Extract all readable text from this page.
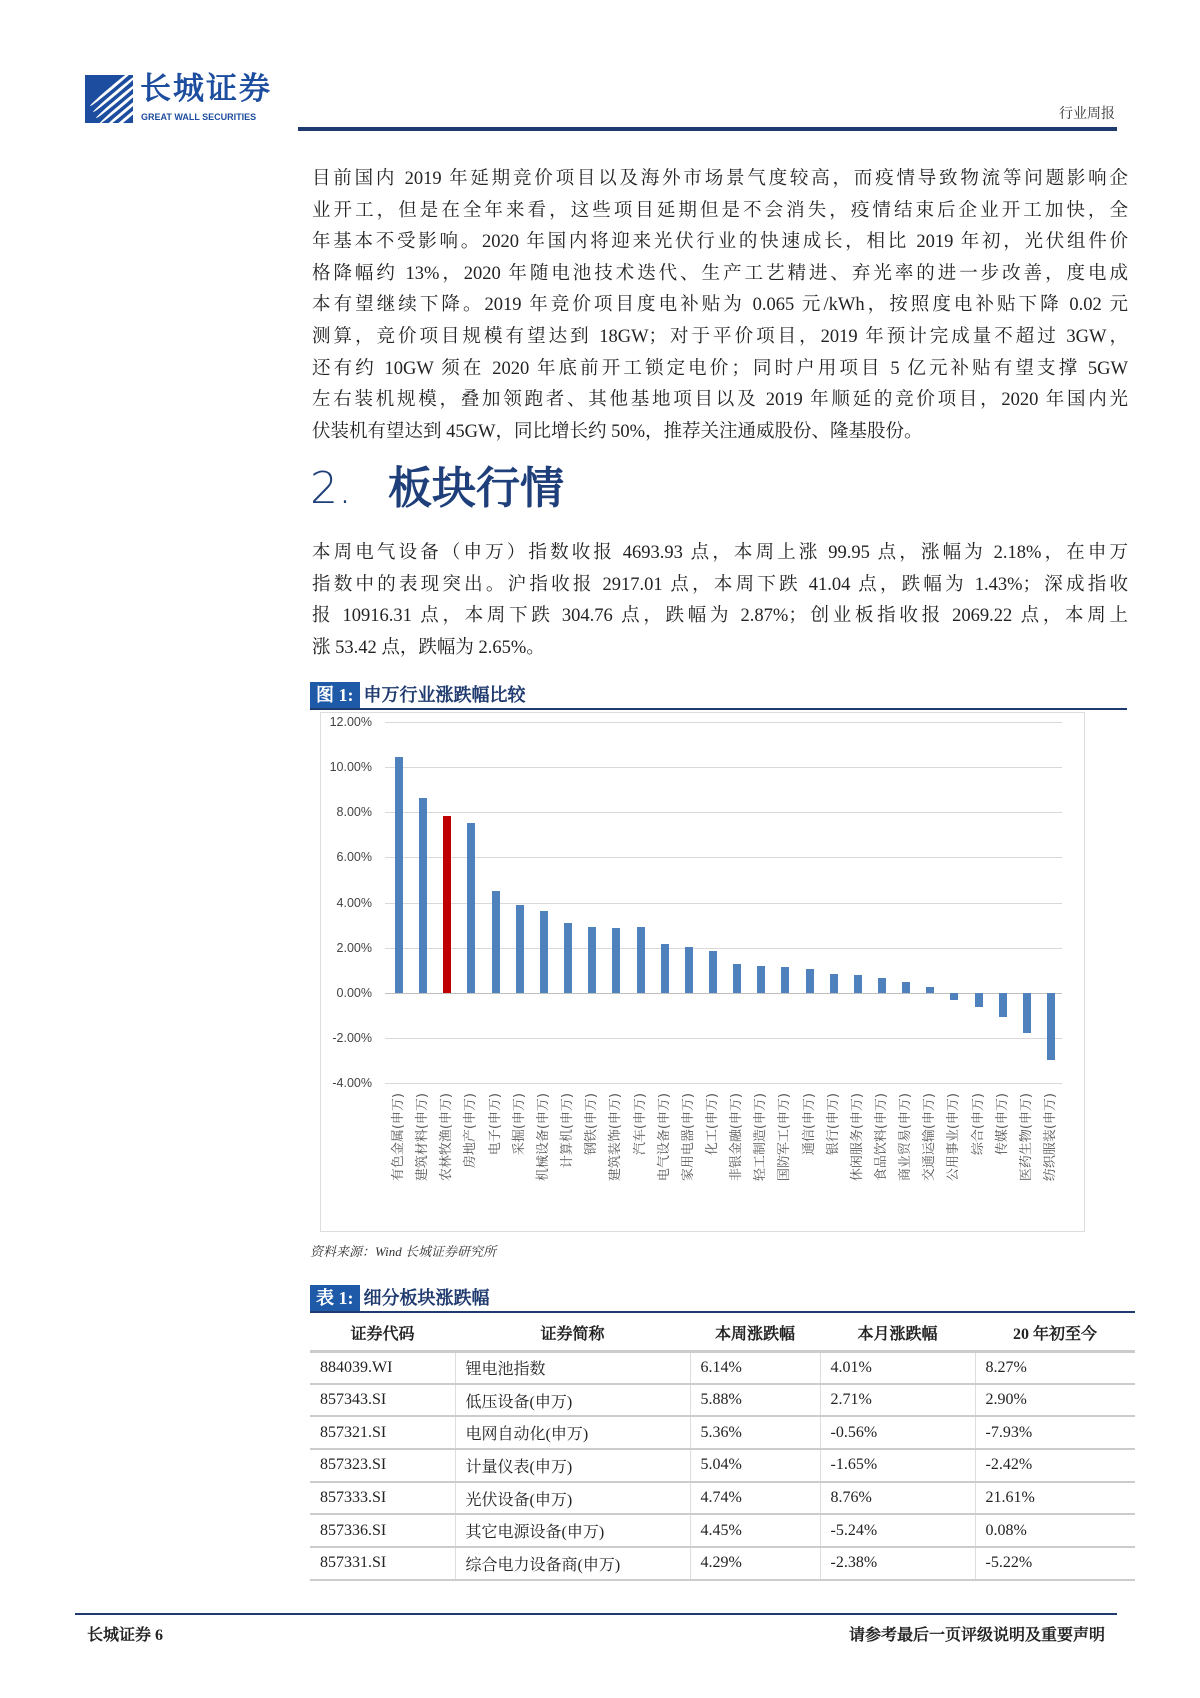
长城证券
GREAT WALL SECURITIES	行业周报
目前国内 2019 年延期竞价项目以及海外市场景气度较高，而疫情导致物流等问题影响企
业开工，但是在全年来看，这些项目延期但是不会消失，疫情结束后企业开工加快，全
年基本不受影响。2020 年国内将迎来光伏行业的快速成长，相比 2019 年初，光伏组件价
格降幅约 13%，2020 年随电池技术迭代、生产工艺精进、弃光率的进一步改善，度电成
本有望继续下降。2019 年竞价项目度电补贴为 0.065 元/kWh，按照度电补贴下降 0.02 元
测算，竞价项目规模有望达到 18GW；对于平价项目，2019 年预计完成量不超过 3GW，
还有约 10GW 须在 2020 年底前开工锁定电价；同时户用项目 5 亿元补贴有望支撑 5GW
左右装机规模，叠加领跑者、其他基地项目以及 2019 年顺延的竞价项目，2020 年国内光
伏装机有望达到 45GW，同比增长约 50%，推荐关注通威股份、隆基股份。
2. 板块行情
本周电气设备（申万）指数收报 4693.93 点，本周上涨 99.95 点，涨幅为 2.18%，在申万
指数中的表现突出。沪指收报 2917.01 点，本周下跌 41.04 点，跌幅为 1.43%；深成指收
报 10916.31 点，本周下跌 304.76 点，跌幅为 2.87%；创业板指收报 2069.22 点，本周上
涨 53.42 点，跌幅为 2.65%。
图 1: 申万行业涨跌幅比较
12.00%
10.00%
8.00%
6.00%
4.00%
2.00%
0.00%
-2.00%
-4.00%
有色金属(申万) 建筑材料(申万) 农林牧渔(申万) 房地产(申万) 电子(申万) 采掘(申万) 机械设备(申万) 计算机(申万) 钢铁(申万) 建筑装饰(申万) 汽车(申万) 电气设备(申万) 家用电器(申万) 化工(申万) 非银金融(申万) 轻工制造(申万) 国防军工(申万) 通信(申万) 银行(申万) 休闲服务(申万) 食品饮料(申万) 商业贸易(申万) 交通运输(申万) 公用事业(申万) 综合(申万) 传媒(申万) 医药生物(申万) 纺织服装(申万)
资料来源：Wind 长城证券研究所
表 1: 细分板块涨跌幅
证券代码	证券简称	本周涨跌幅	本月涨跌幅	20 年初至今
884039.WI	锂电池指数	6.14%	4.01%	8.27%
857343.SI	低压设备(申万)	5.88%	2.71%	2.90%
857321.SI	电网自动化(申万)	5.36%	-0.56%	-7.93%
857323.SI	计量仪表(申万)	5.04%	-1.65%	-2.42%
857333.SI	光伏设备(申万)	4.74%	8.76%	21.61%
857336.SI	其它电源设备(申万)	4.45%	-5.24%	0.08%
857331.SI	综合电力设备商(申万)	4.29%	-2.38%	-5.22%
长城证券 6	请参考最后一页评级说明及重要声明
